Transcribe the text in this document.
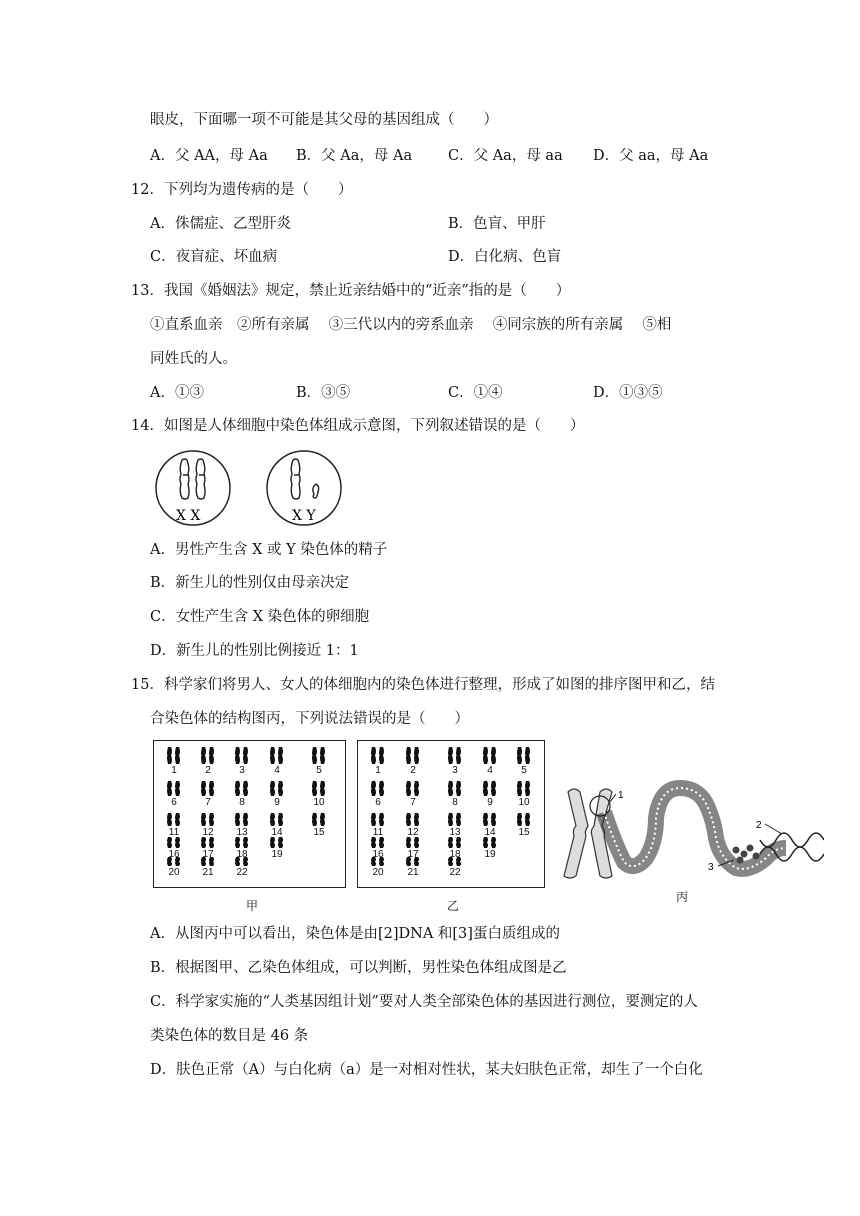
眼皮，下面哪一项不可能是其父母的基因组成（　　）
A．父 AA，母 Aa B．父 Aa，母 Aa C．父 Aa，母 aa D．父 aa，母 Aa
12．下列均为遗传病的是（　　）
A．侏儒症、乙型肝炎	B．色盲、甲肝
C．夜盲症、坏血病	D．白化病、色盲
13．我国《婚姻法》规定，禁止近亲结婚中的“近亲”指的是（　　）
①直系血亲　②所有亲属　 ③三代以内的旁系血亲　 ④同宗族的所有亲属　 ⑤相
同姓氏的人。
A．①③	B．③⑤	C．①④	D．①③⑤
14．如图是人体细胞中染色体组成示意图，下列叙述错误的是（　　）
X X	X Y
A．男性产生含 X 或 Y 染色体的精子
B．新生儿的性别仅由母亲决定
C．女性产生含 X 染色体的卵细胞
D．新生儿的性别比例接近 1：1
15．科学家们将男人、女人的体细胞内的染色体进行整理，形成了如图的排序图甲和乙，结
合染色体的结构图丙，下列说法错误的是（　　）
1	2	3	4	5
6	7	8	9	10
11	12	13	14	15
16	17	18	19
20	21	22
1	2	3	4	5
6	7	8	9	10
11	12	13	14	15
16	17	18	19
20	21	22
甲	乙
1
2
3
丙
A．从图丙中可以看出，染色体是由[2]DNA 和[3]蛋白质组成的
B．根据图甲、乙染色体组成，可以判断，男性染色体组成图是乙
C．科学家实施的“人类基因组计划”要对人类全部染色体的基因进行测位，要测定的人
类染色体的数目是 46 条
D．肤色正常（A）与白化病（a）是一对相对性状，某夫妇肤色正常，却生了一个白化
